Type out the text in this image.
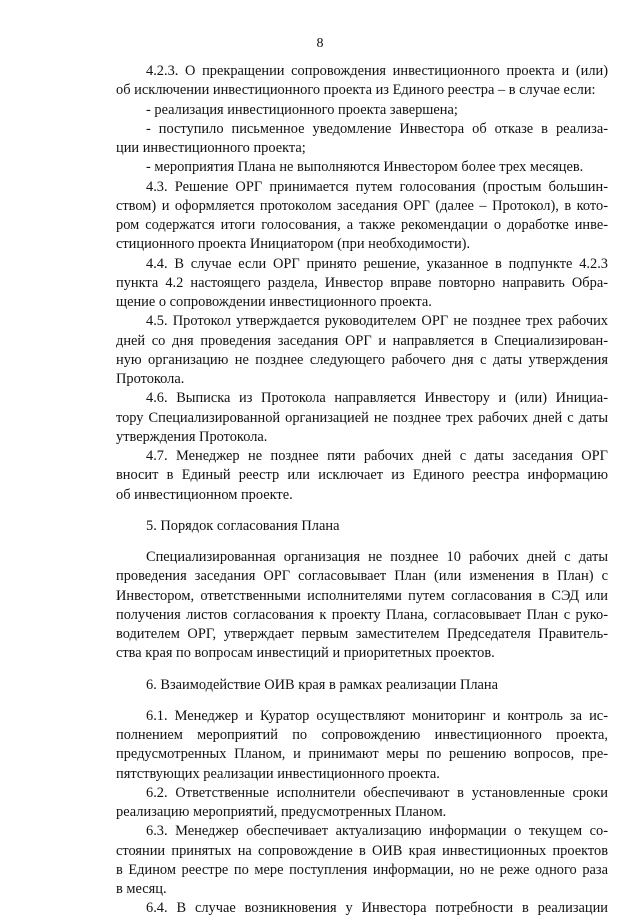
8
4.2.3. О прекращении сопровождения инвестиционного проекта и (или)
об исключении инвестиционного проекта из Единого реестра – в случае если:
- реализация инвестиционного проекта завершена;
- поступило письменное уведомление Инвестора об отказе в реализа-
ции инвестиционного проекта;
- мероприятия Плана не выполняются Инвестором более трех месяцев.
4.3. Решение ОРГ принимается путем голосования (простым большин-
ством) и оформляется протоколом заседания ОРГ (далее – Протокол), в кото-
ром содержатся итоги голосования, а также рекомендации о доработке инве-
стиционного проекта Инициатором (при необходимости).
4.4. В случае если ОРГ принято решение, указанное в подпункте 4.2.3
пункта 4.2 настоящего раздела, Инвестор вправе повторно направить Обра-
щение о сопровождении инвестиционного проекта.
4.5. Протокол утверждается руководителем ОРГ не позднее трех рабочих
дней со дня проведения заседания ОРГ и направляется в Специализирован-
ную организацию не позднее следующего рабочего дня с даты утверждения
Протокола.
4.6. Выписка из Протокола направляется Инвестору и (или) Инициа-
тору Специализированной организацией не позднее трех рабочих дней с даты
утверждения Протокола.
4.7. Менеджер не позднее пяти рабочих дней с даты заседания ОРГ
вносит в Единый реестр или исключает из Единого реестра информацию
об инвестиционном проекте.
5. Порядок согласования Плана
Специализированная организация не позднее 10 рабочих дней с даты
проведения заседания ОРГ согласовывает План (или изменения в План) с
Инвестором, ответственными исполнителями путем согласования в СЭД или
получения листов согласования к проекту Плана, согласовывает План с руко-
водителем ОРГ, утверждает первым заместителем Председателя Правитель-
ства края по вопросам инвестиций и приоритетных проектов.
6. Взаимодействие ОИВ края в рамках реализации Плана
6.1. Менеджер и Куратор осуществляют мониторинг и контроль за ис-
полнением мероприятий по сопровождению инвестиционного проекта,
предусмотренных Планом, и принимают меры по решению вопросов, пре-
пятствующих реализации инвестиционного проекта.
6.2. Ответственные исполнители обеспечивают в установленные сроки
реализацию мероприятий, предусмотренных Планом.
6.3. Менеджер обеспечивает актуализацию информации о текущем со-
стоянии принятых на сопровождение в ОИВ края инвестиционных проектов
в Едином реестре по мере поступления информации, но не реже одного раза
в месяц.
6.4. В случае возникновения у Инвестора потребности в реализации
